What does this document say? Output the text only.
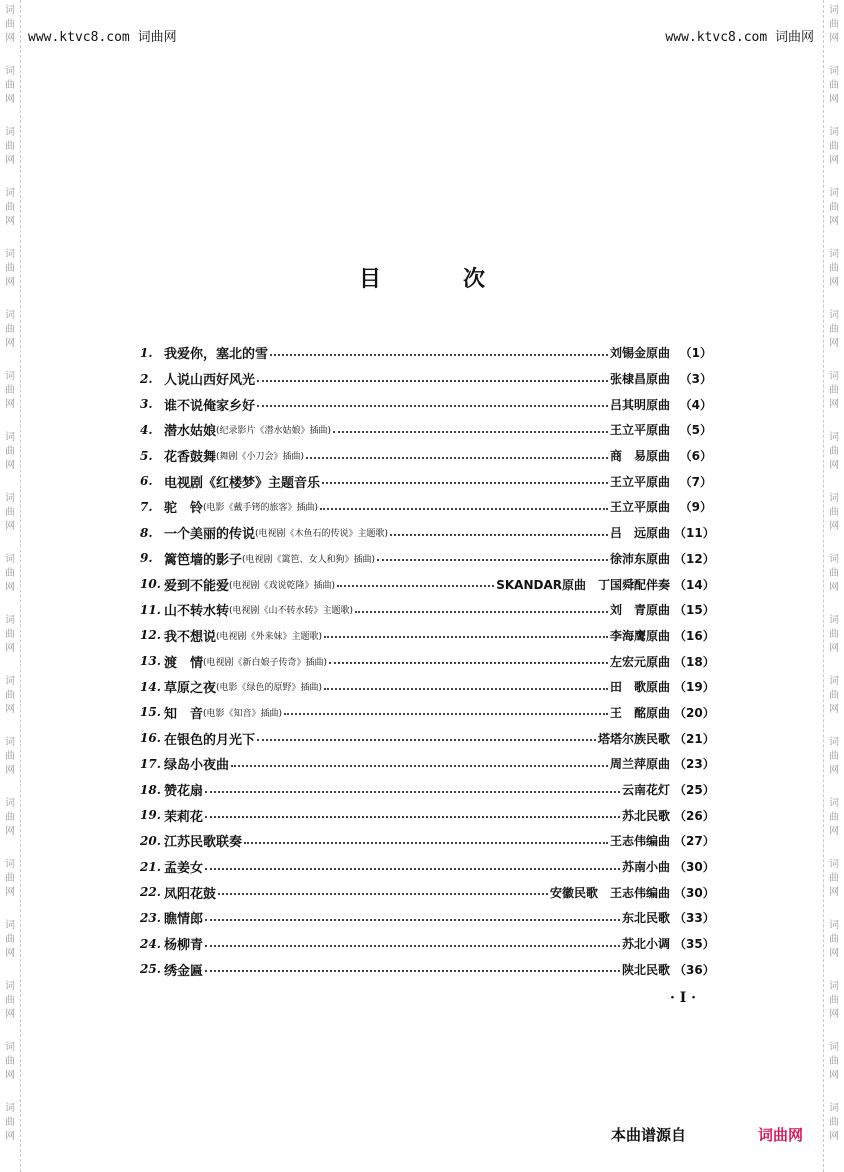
词
曲
网
词
曲
网
词
曲
网
词
曲
网
词
曲
网
词
曲
网
词
曲
网
词
曲
网
词
曲
网
词
曲
网
词
曲
网
词
曲
网
词
曲
网
词
曲
网
词
曲
网
词
曲
网
词
曲
网
词
曲
网
词
曲
网
词
曲
网
词
曲
网
词
曲
网
词
曲
网
词
曲
网
词
曲
网
词
曲
网
词
曲
网
词
曲
网
词
曲
网
词
曲
网
词
曲
网
词
曲
网
词
曲
网
词
曲
网
词
曲
网
词
曲
网
词
曲
网
词
曲
网
www.ktvc8.com 词曲网	www.ktvc8.com 词曲网
目	次
1. 我爱你，塞北的雪	刘锡金原曲 （1）
2. 人说山西好风光	张棣昌原曲 （3）
3. 谁不说俺家乡好	吕其明原曲 （4）
4. 潜水姑娘 (纪录影片《潜水姑娘》插曲)	王立平原曲 （5）
5. 花香鼓舞 (舞剧《小刀会》插曲)	商　易原曲 （6）
6. 电视剧《红楼梦》主题音乐	王立平原曲 （7）
7. 驼　铃 (电影《戴手铐的旅客》插曲)	王立平原曲 （9）
8. 一个美丽的传说 (电视剧《木鱼石的传说》主题歌)	吕　远原曲 （11）
9. 篱笆墙的影子 (电视剧《篱笆、女人和狗》插曲)	徐沛东原曲 （12）
10. 爱到不能爱 (电视剧《戏说乾隆》插曲)	SKANDAR原曲　丁国舜配伴奏 （14）
11. 山不转水转 (电视剧《山不转水转》主题歌)	刘　青原曲 （15）
12. 我不想说 (电视剧《外来妹》主题歌)	李海鹰原曲 （16）
13. 渡　情 (电视剧《新白娘子传奇》插曲)	左宏元原曲 （18）
14. 草原之夜 (电影《绿色的原野》插曲)	田　歌原曲 （19）
15. 知　音 (电影《知音》插曲)	王　酩原曲 （20）
16. 在银色的月光下	塔塔尔族民歌 （21）
17. 绿岛小夜曲	周兰萍原曲 （23）
18. 赞花扇	云南花灯 （25）
19. 茉莉花	苏北民歌 （26）
20. 江苏民歌联奏	王志伟编曲 （27）
21. 孟姜女	苏南小曲 （30）
22. 凤阳花鼓	安徽民歌　王志伟编曲 （30）
23. 瞧情郎	东北民歌 （33）
24. 杨柳青	苏北小调 （35）
25. 绣金匾	陕北民歌 （36）
· I ·
本曲谱源自	词曲网
